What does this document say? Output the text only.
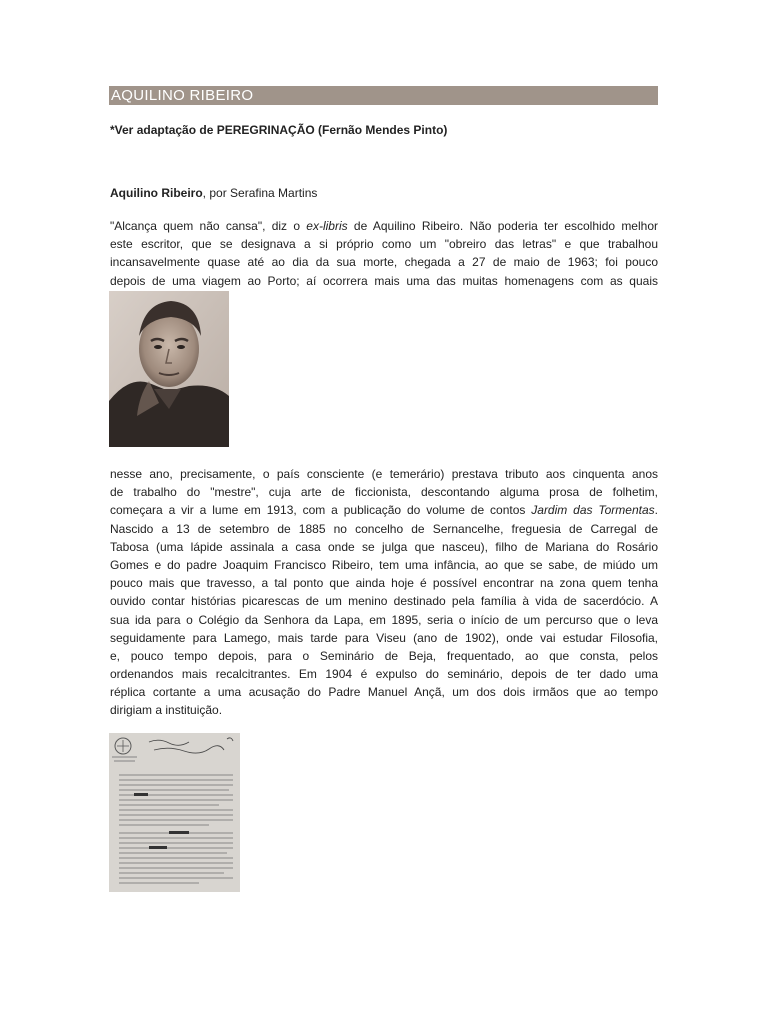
AQUILINO RIBEIRO
*Ver adaptação de PEREGRINAÇÃO (Fernão Mendes Pinto)
Aquilino Ribeiro, por Serafina Martins
"Alcança quem não cansa", diz o ex-libris de Aquilino Ribeiro. Não poderia ter escolhido melhor
este escritor, que se designava a si próprio como um "obreiro das letras" e que trabalhou
incansavelmente quase até ao dia da sua morte, chegada a 27 de maio de 1963; foi pouco
depois de uma viagem ao Porto; aí ocorrera mais uma das muitas homenagens com as quais
nesse ano, precisamente, o país consciente (e temerário) prestava tributo aos cinquenta anos
de trabalho do "mestre", cuja arte de ficcionista, descontando alguma prosa de folhetim,
começara a vir a lume em 1913, com a publicação do volume de contos Jardim das Tormentas.
Nascido a 13 de setembro de 1885 no concelho de Sernancelhe, freguesia de Carregal de
Tabosa (uma lápide assinala a casa onde se julga que nasceu), filho de Mariana do Rosário
Gomes e do padre Joaquim Francisco Ribeiro, tem uma infância, ao que se sabe, de miúdo um
pouco mais que travesso, a tal ponto que ainda hoje é possível encontrar na zona quem tenha
ouvido contar histórias picarescas de um menino destinado pela família à vida de sacerdócio. A
sua ida para o Colégio da Senhora da Lapa, em 1895, seria o início de um percurso que o leva
seguidamente para Lamego, mais tarde para Viseu (ano de 1902), onde vai estudar Filosofia,
e, pouco tempo depois, para o Seminário de Beja, frequentado, ao que consta, pelos
ordenandos mais recalcitrantes. Em 1904 é expulso do seminário, depois de ter dado uma
réplica cortante a uma acusação do Padre Manuel Ançã, um dos dois irmãos que ao tempo
dirigiam a instituição.
